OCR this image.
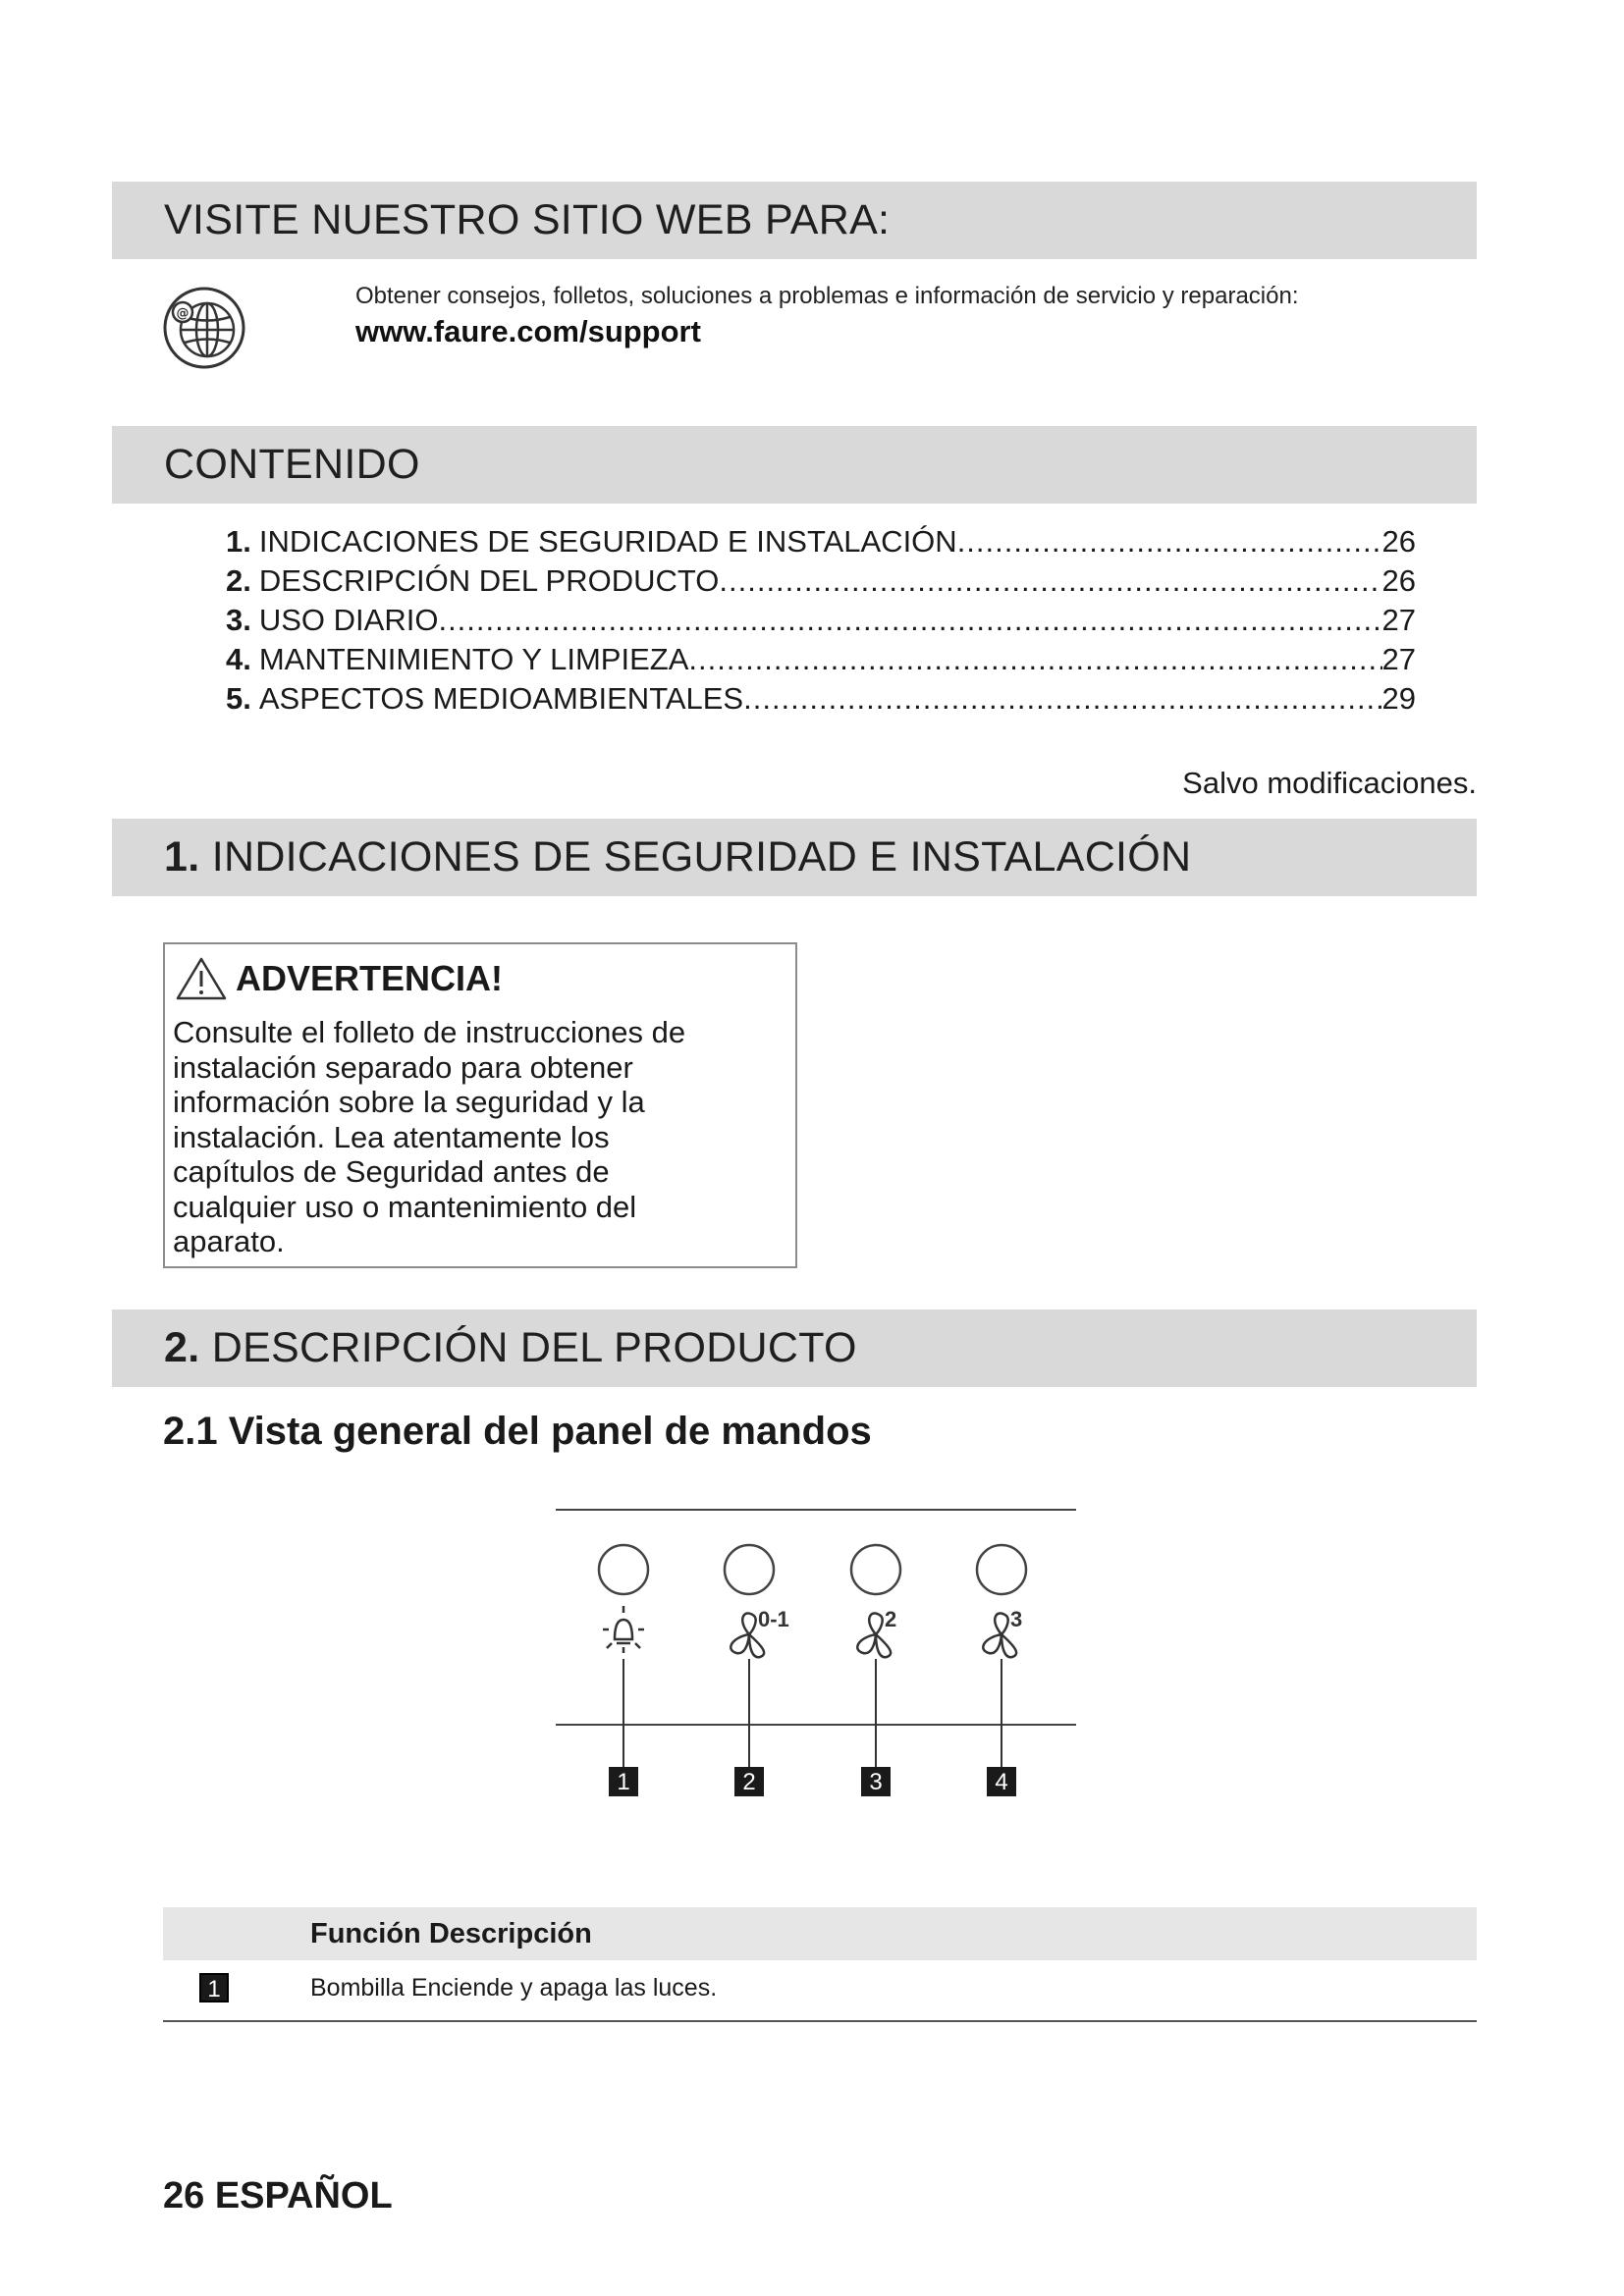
VISITE NUESTRO SITIO WEB PARA:
@
Obtener consejos, folletos, soluciones a problemas e información de servicio y reparación:
www.faure.com/support
CONTENIDO
1. INDICACIONES DE SEGURIDAD E INSTALACIÓN .....	26
2. DESCRIPCIÓN DEL PRODUCTO .....	26
3. USO DIARIO .....	27
4. MANTENIMIENTO Y LIMPIEZA .....	27
5. ASPECTOS MEDIOAMBIENTALES .....	29
Salvo modificaciones.
1. INDICACIONES DE SEGURIDAD E INSTALACIÓN
ADVERTENCIA!
Consulte el folleto de instrucciones de
instalación separado para obtener
información sobre la seguridad y la
instalación. Lea atentamente los
capítulos de Seguridad antes de
cualquier uso o mantenimiento del
aparato.
2. DESCRIPCIÓN DEL PRODUCTO
2.1 Vista general del panel de mandos
1
0-1
2
2
3
3
4
Función Descripción
1	Bombilla Enciende y apaga las luces.
26 ESPAÑOL
